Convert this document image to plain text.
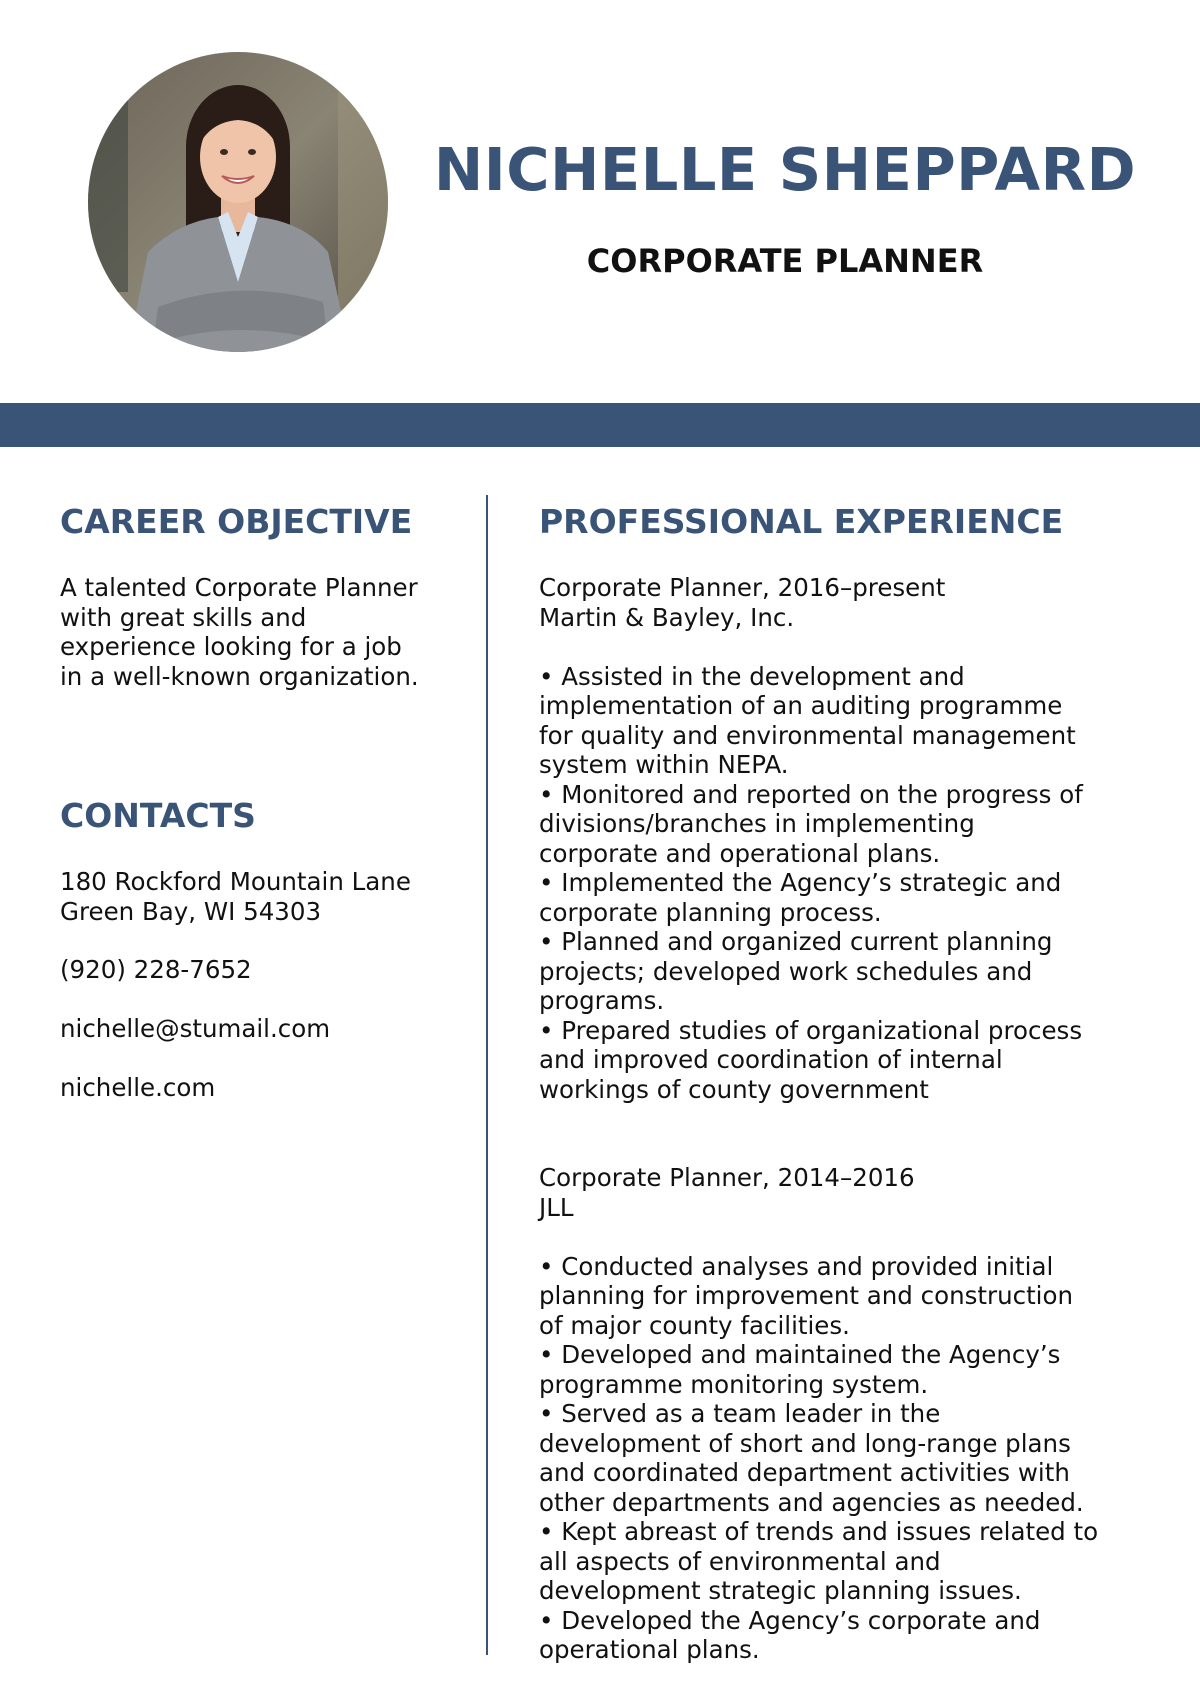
NICHELLE SHEPPARD
CORPORATE PLANNER
CAREER OBJECTIVE
A talented Corporate Planner
with great skills and
experience looking for a job
in a well-known organization.
CONTACTS
180 Rockford Mountain Lane
Green Bay, WI 54303
(920) 228-7652
nichelle@stumail.com
nichelle.com
PROFESSIONAL EXPERIENCE
Corporate Planner, 2016–present
Martin & Bayley, Inc.
• Assisted in the development and
implementation of an auditing programme
for quality and environmental management
system within NEPA.
• Monitored and reported on the progress of
divisions/branches in implementing
corporate and operational plans.
• Implemented the Agency’s strategic and
corporate planning process.
• Planned and organized current planning
projects; developed work schedules and
programs.
• Prepared studies of organizational process
and improved coordination of internal
workings of county government
Corporate Planner, 2014–2016
JLL
• Conducted analyses and provided initial
planning for improvement and construction
of major county facilities.
• Developed and maintained the Agency’s
programme monitoring system.
• Served as a team leader in the
development of short and long-range plans
and coordinated department activities with
other departments and agencies as needed.
• Kept abreast of trends and issues related to
all aspects of environmental and
development strategic planning issues.
• Developed the Agency’s corporate and
operational plans.
